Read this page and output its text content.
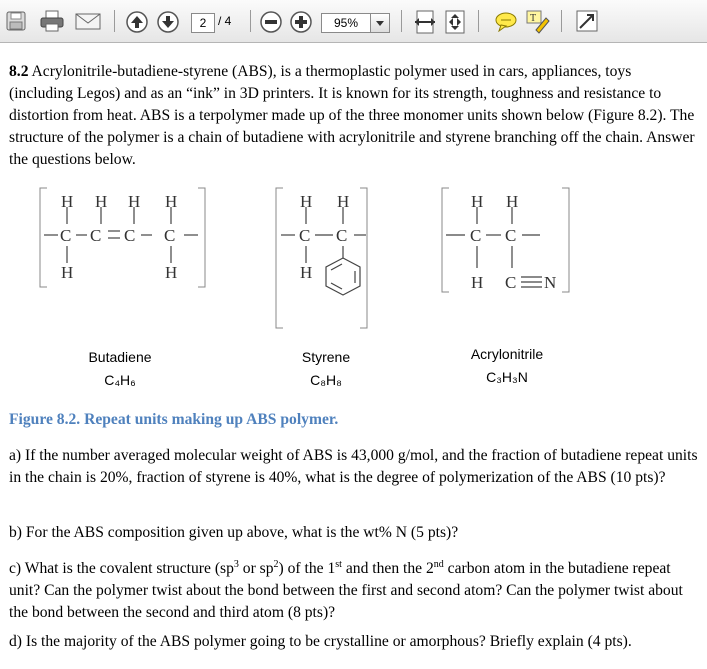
2 / 4	95%	T
8.2 Acrylonitrile-butadiene-styrene (ABS), is a thermoplastic polymer used in cars, appliances, toys (including Legos) and as an “ink” in 3D printers. It is known for its strength, toughness and resistance to distortion from heat. ABS is a terpolymer made up of the three monomer units shown below (Figure 8.2). The structure of the polymer is a chain of butadiene with acrylonitrile and styrene branching off the chain. Answer the questions below.
H H H H
C C C C
H	H
H H
C C
H
H H
C C
H C N
Butadiene
C₄H₆
Styrene
C₈H₈
Acrylonitrile
C₃H₃N
Figure 8.2. Repeat units making up ABS polymer.
a) If the number averaged molecular weight of ABS is 43,000 g/mol, and the fraction of butadiene repeat units in the chain is 20%, fraction of styrene is 40%, what is the degree of polymerization of the ABS (10 pts)?
b) For the ABS composition given up above, what is the wt% N (5 pts)?
c) What is the covalent structure ($sp^3$ or $sp^2$) of the 1st and then the 2nd carbon atom in the butadiene repeat unit? Can the polymer twist about the bond between the first and second atom? Can the polymer twist about the bond between the second and third atom (8 pts)?
d) Is the majority of the ABS polymer going to be crystalline or amorphous? Briefly explain (4 pts).
